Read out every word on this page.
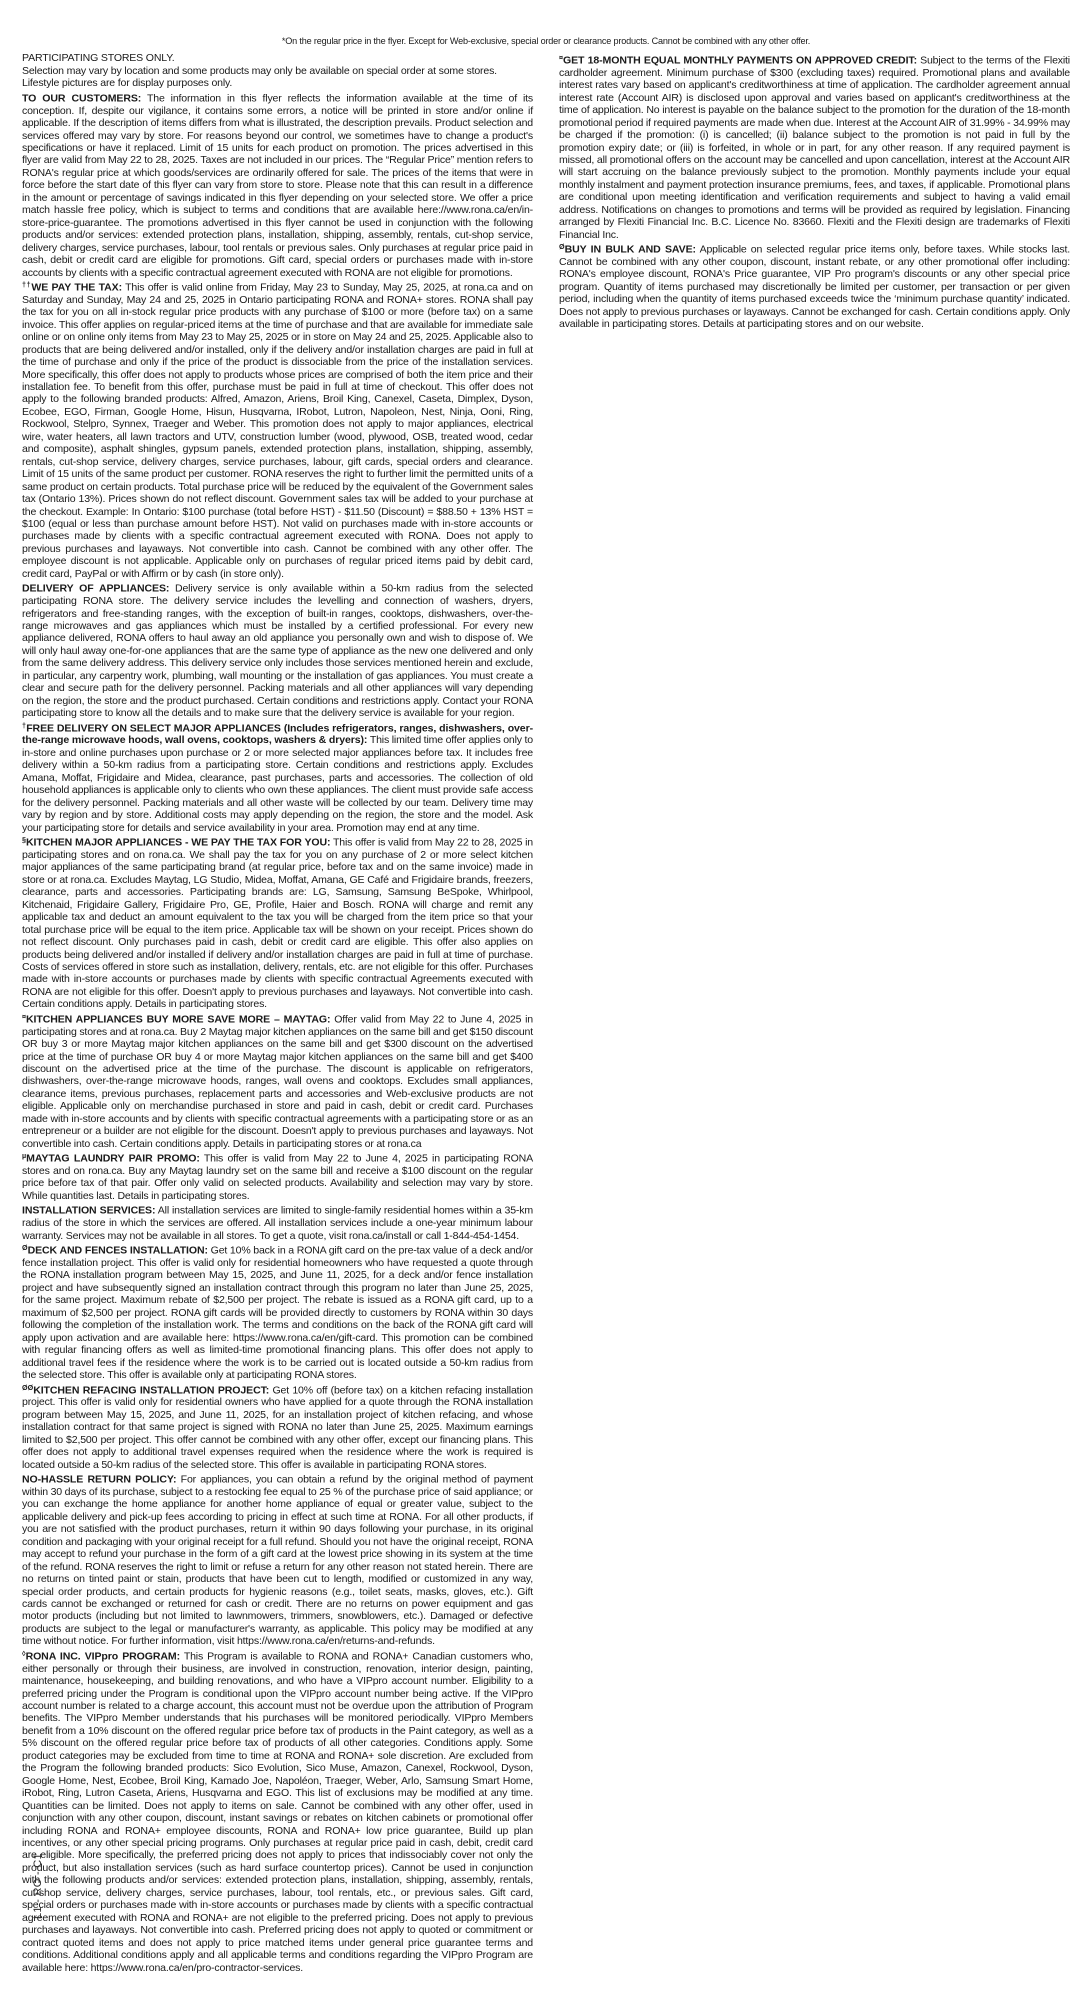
*On the regular price in the flyer. Except for Web-exclusive, special order or clearance products. Cannot be combined with any other offer.

PARTICIPATING STORES ONLY.

Selection may vary by location and some products may only be available on special order at some stores. Lifestyle pictures are for display purposes only.

TO OUR CUSTOMERS: The information in this flyer reflects the information available at the time of its conception. If, despite our vigilance, it contains some errors, a notice will be printed in store and/or online if applicable. If the description of items differs from what is illustrated, the description prevails. Product selection and services offered may vary by store. For reasons beyond our control, we sometimes have to change a product's specifications or have it replaced. Limit of 15 units for each product on promotion. The prices advertised in this flyer are valid from May 22 to 28, 2025. Taxes are not included in our prices. The “Regular Price” mention refers to RONA's regular price at which goods/services are ordinarily offered for sale. The prices of the items that were in force before the start date of this flyer can vary from store to store. Please note that this can result in a difference in the amount or percentage of savings indicated in this flyer depending on your selected store. We offer a price match hassle free policy, which is subject to terms and conditions that are available here://www.rona.ca/en/in-store-price-guarantee. The promotions advertised in this flyer cannot be used in conjunction with the following products and/or services: extended protection plans, installation, shipping, assembly, rentals, cut-shop service, delivery charges, service purchases, labour, tool rentals or previous sales. Only purchases at regular price paid in cash, debit or credit card are eligible for promotions. Gift card, special orders or purchases made with in-store accounts by clients with a specific contractual agreement executed with RONA are not eligible for promotions.

††WE PAY THE TAX: This offer is valid online from Friday, May 23 to Sunday, May 25, 2025, at rona.ca and on Saturday and Sunday, May 24 and 25, 2025 in Ontario participating RONA and RONA+ stores. RONA shall pay the tax for you on all in-stock regular price products with any purchase of $100 or more (before tax) on a same invoice. This offer applies on regular-priced items at the time of purchase and that are available for immediate sale online or on online only items from May 23 to May 25, 2025 or in store on May 24 and 25, 2025. Applicable also to products that are being delivered and/or installed, only if the delivery and/or installation charges are paid in full at the time of purchase and only if the price of the product is dissociable from the price of the installation services. More specifically, this offer does not apply to products whose prices are comprised of both the item price and their installation fee. To benefit from this offer, purchase must be paid in full at time of checkout. This offer does not apply to the following branded products: Alfred, Amazon, Ariens, Broil King, Canexel, Caseta, Dimplex, Dyson, Ecobee, EGO, Firman, Google Home, Hisun, Husqvarna, IRobot, Lutron, Napoleon, Nest, Ninja, Ooni, Ring, Rockwool, Stelpro, Synnex, Traeger and Weber. This promotion does not apply to major appliances, electrical wire, water heaters, all lawn tractors and UTV, construction lumber (wood, plywood, OSB, treated wood, cedar and composite), asphalt shingles, gypsum panels, extended protection plans, installation, shipping, assembly, rentals, cut-shop service, delivery charges, service purchases, labour, gift cards, special orders and clearance. Limit of 15 units of the same product per customer. RONA reserves the right to further limit the permitted units of a same product on certain products. Total purchase price will be reduced by the equivalent of the Government sales tax (Ontario 13%). Prices shown do not reflect discount. Government sales tax will be added to your purchase at the checkout. Example: In Ontario: $100 purchase (total before HST) - $11.50 (Discount) = $88.50 + 13% HST = $100 (equal or less than purchase amount before HST). Not valid on purchases made with in-store accounts or purchases made by clients with a specific contractual agreement executed with RONA. Does not apply to previous purchases and layaways. Not convertible into cash. Cannot be combined with any other offer. The employee discount is not applicable. Applicable only on purchases of regular priced items paid by debit card, credit card, PayPal or with Affirm or by cash (in store only).

DELIVERY OF APPLIANCES: Delivery service is only available within a 50-km radius from the selected participating RONA store. The delivery service includes the levelling and connection of washers, dryers, refrigerators and free-standing ranges, with the exception of built-in ranges, cooktops, dishwashers, over-the-range microwaves and gas appliances which must be installed by a certified professional. For every new appliance delivered, RONA offers to haul away an old appliance you personally own and wish to dispose of. We will only haul away one-for-one appliances that are the same type of appliance as the new one delivered and only from the same delivery address. This delivery service only includes those services mentioned herein and exclude, in particular, any carpentry work, plumbing, wall mounting or the installation of gas appliances. You must create a clear and secure path for the delivery personnel. Packing materials and all other appliances will vary depending on the region, the store and the product purchased. Certain conditions and restrictions apply. Contact your RONA participating store to know all the details and to make sure that the delivery service is available for your region.

†FREE DELIVERY ON SELECT MAJOR APPLIANCES (Includes refrigerators, ranges, dishwashers, over-the-range microwave hoods, wall ovens, cooktops, washers & dryers): This limited time offer applies only to in-store and online purchases upon purchase or 2 or more selected major appliances before tax. It includes free delivery within a 50-km radius from a participating store. Certain conditions and restrictions apply. Excludes Amana, Moffat, Frigidaire and Midea, clearance, past purchases, parts and accessories. The collection of old household appliances is applicable only to clients who own these appliances. The client must provide safe access for the delivery personnel. Packing materials and all other waste will be collected by our team. Delivery time may vary by region and by store. Additional costs may apply depending on the region, the store and the model. Ask your participating store for details and service availability in your area. Promotion may end at any time.

§KITCHEN MAJOR APPLIANCES - WE PAY THE TAX FOR YOU: This offer is valid from May 22 to 28, 2025 in participating stores and on rona.ca. We shall pay the tax for you on any purchase of 2 or more select kitchen major appliances of the same participating brand (at regular price, before tax and on the same invoice) made in store or at rona.ca. Excludes Maytag, LG Studio, Midea, Moffat, Amana, GE Café and Frigidaire brands, freezers, clearance, parts and accessories. Participating brands are: LG, Samsung, Samsung BeSpoke, Whirlpool, Kitchenaid, Frigidaire Gallery, Frigidaire Pro, GE, Profile, Haier and Bosch. RONA will charge and remit any applicable tax and deduct an amount equivalent to the tax you will be charged from the item price so that your total purchase price will be equal to the item price. Applicable tax will be shown on your receipt. Prices shown do not reflect discount. Only purchases paid in cash, debit or credit card are eligible. This offer also applies on products being delivered and/or installed if delivery and/or installation charges are paid in full at time of purchase. Costs of services offered in store such as installation, delivery, rentals, etc. are not eligible for this offer. Purchases made with in-store accounts or purchases made by clients with specific contractual Agreements executed with RONA are not eligible for this offer. Doesn't apply to previous purchases and layaways. Not convertible into cash. Certain conditions apply. Details in participating stores.

¤KITCHEN APPLIANCES BUY MORE SAVE MORE – MAYTAG: Offer valid from May 22 to June 4, 2025 in participating stores and at rona.ca. Buy 2 Maytag major kitchen appliances on the same bill and get $150 discount OR buy 3 or more Maytag major kitchen appliances on the same bill and get $300 discount on the advertised price at the time of purchase OR buy 4 or more Maytag major kitchen appliances on the same bill and get $400 discount on the advertised price at the time of the purchase. The discount is applicable on refrigerators, dishwashers, over-the-range microwave hoods, ranges, wall ovens and cooktops. Excludes small appliances, clearance items, previous purchases, replacement parts and accessories and Web-exclusive products are not eligible. Applicable only on merchandise purchased in store and paid in cash, debit or credit card. Purchases made with in-store accounts and by clients with specific contractual agreements with a participating store or as an entrepreneur or a builder are not eligible for the discount. Doesn't apply to previous purchases and layaways. Not convertible into cash. Certain conditions apply. Details in participating stores or at rona.ca

$^\mu$MAYTAG LAUNDRY PAIR PROMO: This offer is valid from May 22 to June 4, 2025 in participating RONA stores and on rona.ca. Buy any Maytag laundry set on the same bill and receive a $100 discount on the regular price before tax of that pair. Offer only valid on selected products. Availability and selection may vary by store. While quantities last. Details in participating stores.

INSTALLATION SERVICES: All installation services are limited to single-family residential homes within a 35-km radius of the store in which the services are offered. All installation services include a one-year minimum labour warranty. Services may not be available in all stores. To get a quote, visit rona.ca/install or call 1-844-454-1454.

$^Ø$DECK AND FENCES INSTALLATION: Get 10% back in a RONA gift card on the pre-tax value of a deck and/or fence installation project. This offer is valid only for residential homeowners who have requested a quote through the RONA installation program between May 15, 2025, and June 11, 2025, for a deck and/or fence installation project and have subsequently signed an installation contract through this program no later than June 25, 2025, for the same project. Maximum rebate of $2,500 per project. The rebate is issued as a RONA gift card, up to a maximum of $2,500 per project. RONA gift cards will be provided directly to customers by RONA within 30 days following the completion of the installation work. The terms and conditions on the back of the RONA gift card will apply upon activation and are available here: https://www.rona.ca/en/gift-card. This promotion can be combined with regular financing offers as well as limited-time promotional financing plans. This offer does not apply to additional travel fees if the residence where the work is to be carried out is located outside a 50-km radius from the selected store. This offer is available only at participating RONA stores.

$^{ØØ}$KITCHEN REFACING INSTALLATION PROJECT: Get 10% off (before tax) on a kitchen refacing installation project. This offer is valid only for residential owners who have applied for a quote through the RONA installation program between May 15, 2025, and June 11, 2025, for an installation project of kitchen refacing, and whose installation contract for that same project is signed with RONA no later than June 25, 2025. Maximum earnings limited to $2,500 per project. This offer cannot be combined with any other offer, except our financing plans. This offer does not apply to additional travel expenses required when the residence where the work is required is located outside a 50-km radius of the selected store. This offer is available in participating RONA stores.

NO-HASSLE RETURN POLICY: For appliances, you can obtain a refund by the original method of payment within 30 days of its purchase, subject to a restocking fee equal to 25 % of the purchase price of said appliance; or you can exchange the home appliance for another home appliance of equal or greater value, subject to the applicable delivery and pick-up fees according to pricing in effect at such time at RONA. For all other products, if you are not satisfied with the product purchases, return it within 90 days following your purchase, in its original condition and packaging with your original receipt for a full refund. Should you not have the original receipt, RONA may accept to refund your purchase in the form of a gift card at the lowest price showing in its system at the time of the refund. RONA reserves the right to limit or refuse a return for any other reason not stated herein. There are no returns on tinted paint or stain, products that have been cut to length, modified or customized in any way, special order products, and certain products for hygienic reasons (e.g., toilet seats, masks, gloves, etc.). Gift cards cannot be exchanged or returned for cash or credit. There are no returns on power equipment and gas motor products (including but not limited to lawnmowers, trimmers, snowblowers, etc.). Damaged or defective products are subject to the legal or manufacturer's warranty, as applicable. This policy may be modified at any time without notice. For further information, visit https://www.rona.ca/en/returns-and-refunds.

◊RONA INC. VIPpro PROGRAM: This Program is available to RONA and RONA+ Canadian customers who, either personally or through their business, are involved in construction, renovation, interior design, painting, maintenance, housekeeping, and building renovations, and who have a VIPpro account number. Eligibility to a preferred pricing under the Program is conditional upon the VIPpro account number being active. If the VIPpro account number is related to a charge account, this account must not be overdue upon the attribution of Program benefits. The VIPpro Member understands that his purchases will be monitored periodically. VIPpro Members benefit from a 10% discount on the offered regular price before tax of products in the Paint category, as well as a 5% discount on the offered regular price before tax of products of all other categories. Conditions apply. Some product categories may be excluded from time to time at RONA and RONA+ sole discretion. Are excluded from the Program the following branded products: Sico Evolution, Sico Muse, Amazon, Canexel, Rockwool, Dyson, Google Home, Nest, Ecobee, Broil King, Kamado Joe, Napoléon, Traeger, Weber, Arlo, Samsung Smart Home, iRobot, Ring, Lutron Caseta, Ariens, Husqvarna and EGO. This list of exclusions may be modified at any time. Quantities can be limited. Does not apply to items on sale. Cannot be combined with any other offer, used in conjunction with any other coupon, discount, instant savings or rebates on kitchen cabinets or promotional offer including RONA and RONA+ employee discounts, RONA and RONA+ low price guarantee, Build up plan incentives, or any other special pricing programs. Only purchases at regular price paid in cash, debit, credit card are eligible. More specifically, the preferred pricing does not apply to prices that indissociably cover not only the product, but also installation services (such as hard surface countertop prices). Cannot be used in conjunction with the following products and/or services: extended protection plans, installation, shipping, assembly, rentals, cut-shop service, delivery charges, service purchases, labour, tool rentals, etc., or previous sales. Gift card, special orders or purchases made with in-store accounts or purchases made by clients with a specific contractual agreement executed with RONA and RONA+ are not eligible to the preferred pricing. Does not apply to previous purchases and layaways. Not convertible into cash. Preferred pricing does not apply to quoted or commitment or contract quoted items and does not apply to price matched items under general price guarantee terms and conditions. Additional conditions apply and all applicable terms and conditions regarding the VIPpro Program are available here: https://www.rona.ca/en/pro-contractor-services.

¤GET 18-MONTH EQUAL MONTHLY PAYMENTS ON APPROVED CREDIT: Subject to the terms of the Flexiti cardholder agreement. Minimum purchase of $300 (excluding taxes) required. Promotional plans and available interest rates vary based on applicant's creditworthiness at time of application. The cardholder agreement annual interest rate (Account AIR) is disclosed upon approval and varies based on applicant's creditworthiness at the time of application. No interest is payable on the balance subject to the promotion for the duration of the 18-month promotional period if required payments are made when due. Interest at the Account AIR of 31.99% - 34.99% may be charged if the promotion: (i) is cancelled; (ii) balance subject to the promotion is not paid in full by the promotion expiry date; or (iii) is forfeited, in whole or in part, for any other reason. If any required payment is missed, all promotional offers on the account may be cancelled and upon cancellation, interest at the Account AIR will start accruing on the balance previously subject to the promotion. Monthly payments include your equal monthly instalment and payment protection insurance premiums, fees, and taxes, if applicable. Promotional plans are conditional upon meeting identification and verification requirements and subject to having a valid email address. Notifications on changes to promotions and terms will be provided as required by legislation. Financing arranged by Flexiti Financial Inc. B.C. Licence No. 83660. Flexiti and the Flexiti design are trademarks of Flexiti Financial Inc.

$^Ø$BUY IN BULK AND SAVE: Applicable on selected regular price items only, before taxes. While stocks last. Cannot be combined with any other coupon, discount, instant rebate, or any other promotional offer including: RONA's employee discount, RONA's Price guarantee, VIP Pro program's discounts or any other special price program. Quantity of items purchased may discretionally be limited per customer, per transaction or per given period, including when the quantity of items purchased exceeds twice the ‘minimum purchase quantity’ indicated. Does not apply to previous purchases or layaways. Cannot be exchanged for cash. Certain conditions apply. Only available in participating stores. Details at participating stores and on our website.

L1 - RO - C1
